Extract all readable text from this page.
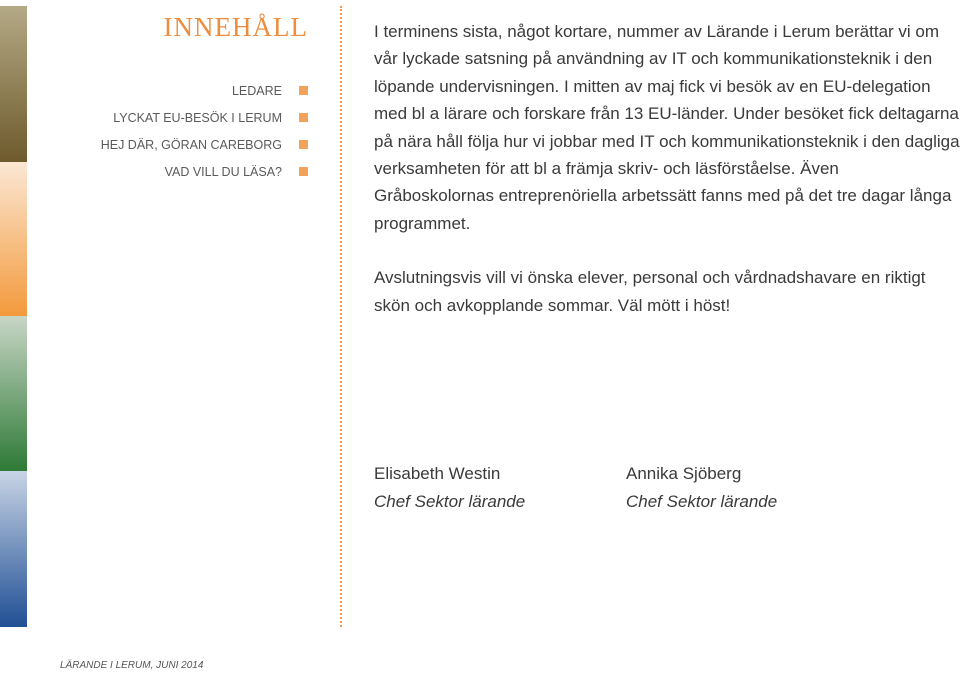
INNEHÅLL
LEDARE
LYCKAT EU-BESÖK I LERUM
HEJ DÄR, GÖRAN CAREBORG
VAD VILL DU LÄSA?

I terminens sista, något kortare, nummer av Lärande i Lerum berättar vi om vår lyckade satsning på användning av IT och kommunikationsteknik i den löpande undervisningen. I mitten av maj fick vi besök av en EU-delegation med bl a lärare och forskare från 13 EU-länder. Under besöket fick deltagarna på nära håll följa hur vi jobbar med IT och kommunikationsteknik i den dagliga verksamheten för att bl a främja skriv- och läsförståelse. Även Gråboskolornas entreprenöriella arbetssätt fanns med på det tre dagar långa programmet.

Avslutningsvis vill vi önska elever, personal och vårdnadshavare en riktigt skön och avkopplande sommar. Väl mött i höst!

Elisabeth Westin
Chef Sektor lärande
Annika Sjöberg
Chef Sektor lärande
LÄRANDE I LERUM, JUNI 2014
